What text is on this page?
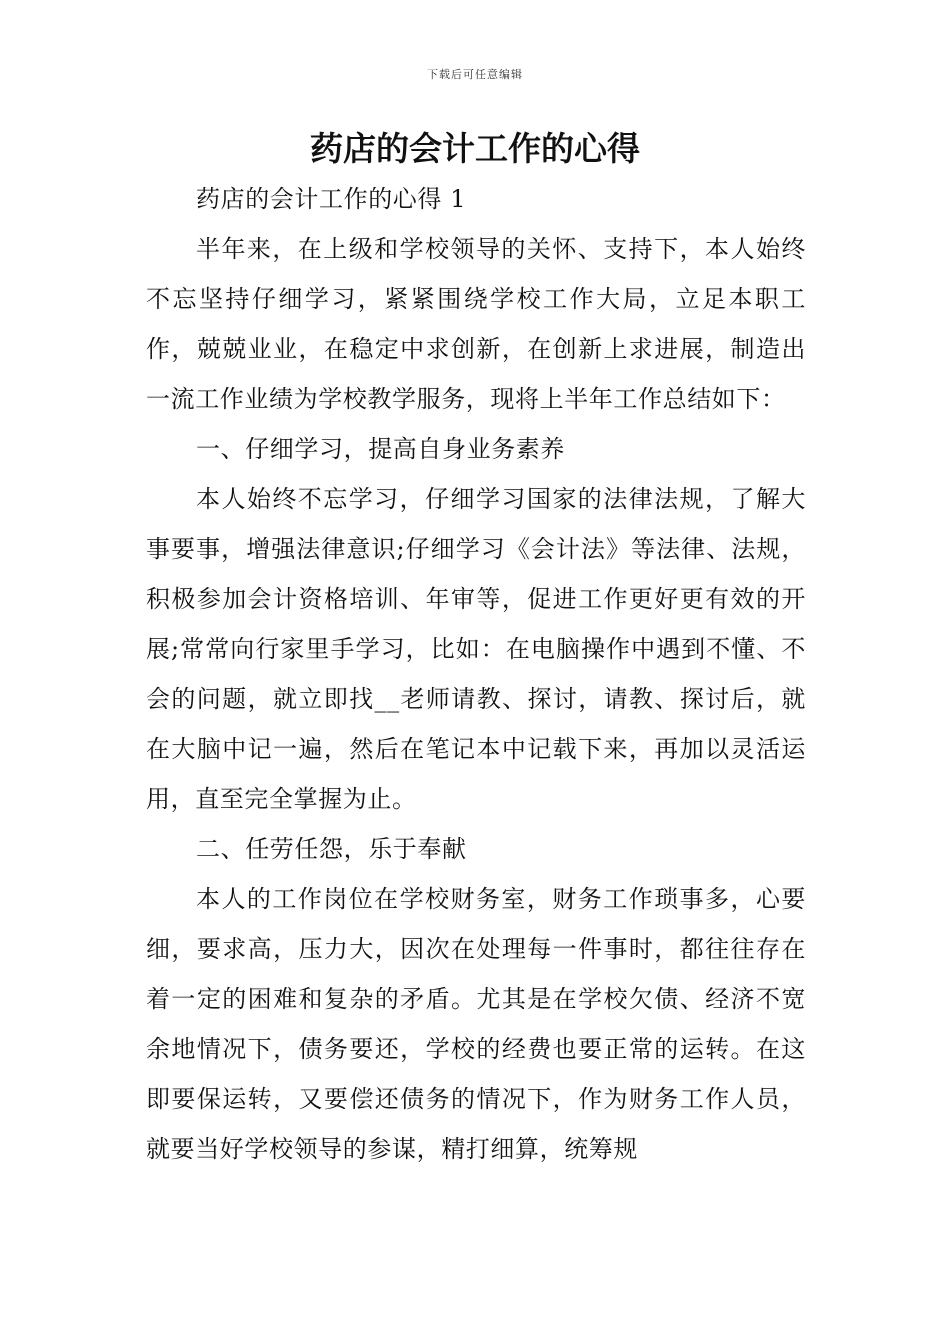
下载后可任意编辑
药店的会计工作的心得

药店的会计工作的心得 1

半年来，在上级和学校领导的关怀、支持下，本人始终不忘坚持仔细学习，紧紧围绕学校工作大局，立足本职工作，兢兢业业，在稳定中求创新，在创新上求进展，制造出一流工作业绩为学校教学服务，现将上半年工作总结如下：

一、仔细学习，提高自身业务素养

本人始终不忘学习，仔细学习国家的法律法规，了解大事要事，增强法律意识;仔细学习《会计法》等法律、法规，积极参加会计资格培训、年审等，促进工作更好更有效的开展;常常向行家里手学习，比如：在电脑操作中遇到不懂、不会的问题，就立即找__老师请教、探讨，请教、探讨后，就在大脑中记一遍，然后在笔记本中记载下来，再加以灵活运用，直至完全掌握为止。

二、任劳任怨，乐于奉献

本人的工作岗位在学校财务室，财务工作琐事多，心要细，要求高，压力大，因次在处理每一件事时，都往往存在着一定的困难和复杂的矛盾。尤其是在学校欠债、经济不宽余地情况下，债务要还，学校的经费也要正常的运转。在这即要保运转，又要偿还债务的情况下，作为财务工作人员，就要当好学校领导的参谋，精打细算，统筹规
